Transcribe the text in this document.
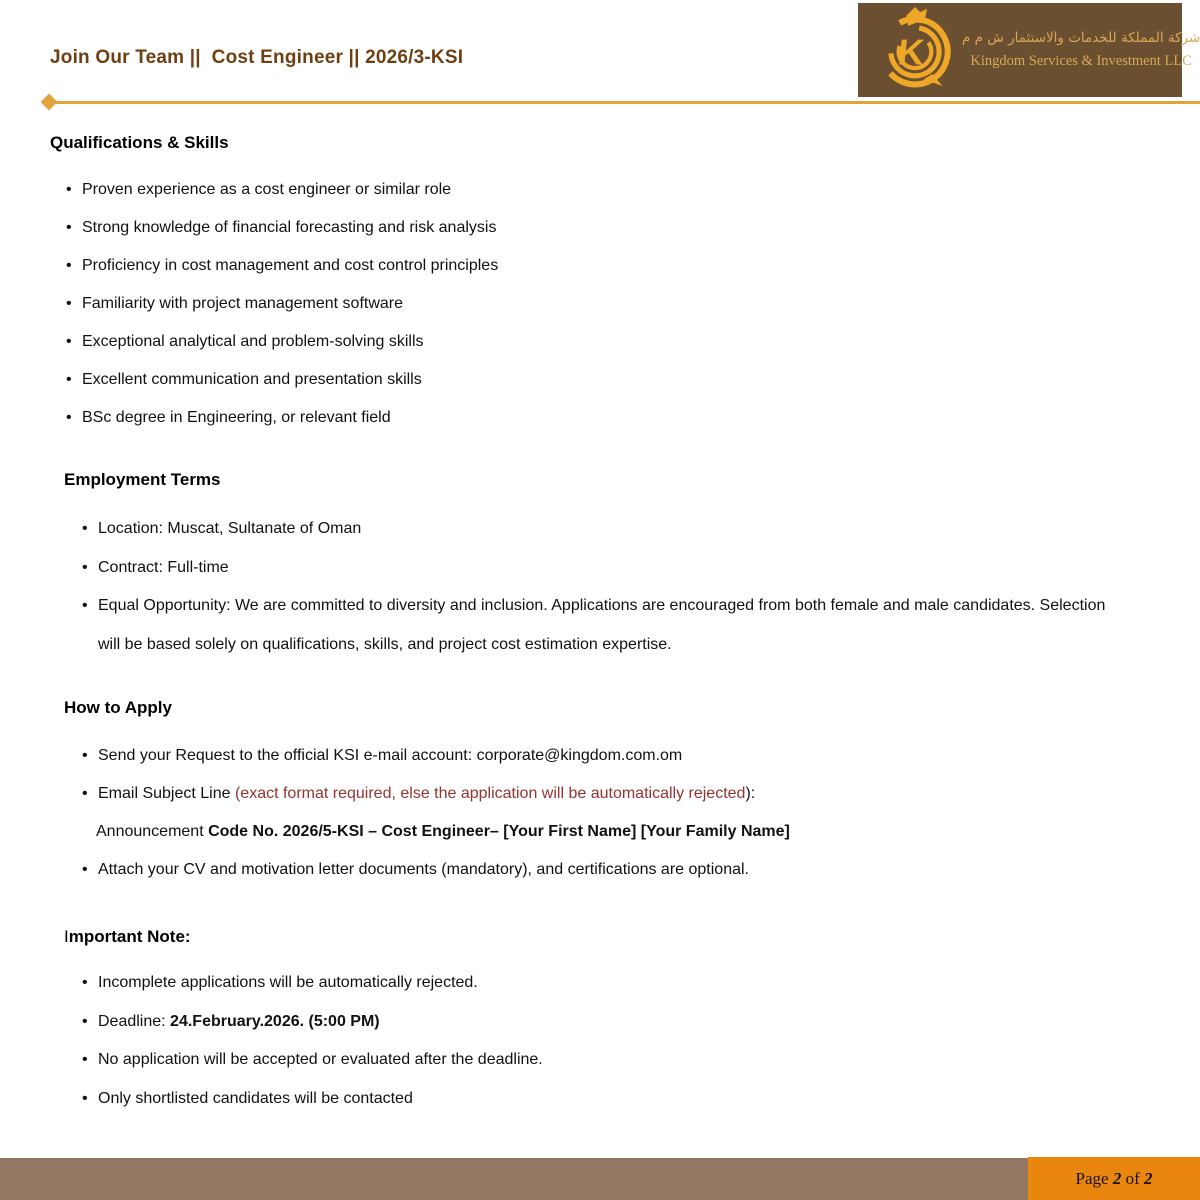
Join Our Team ||  Cost Engineer || 2026/3-KSI	K	شركة المملكة للخدمات والاستثمار ش م م
Kingdom Services & Investment LLC
Qualifications & Skills
• Proven experience as a cost engineer or similar role
• Strong knowledge of financial forecasting and risk analysis
• Proficiency in cost management and cost control principles
• Familiarity with project management software
• Exceptional analytical and problem-solving skills
• Excellent communication and presentation skills
• BSc degree in Engineering, or relevant field
Employment Terms
• Location: Muscat, Sultanate of Oman
• Contract: Full-time
• Equal Opportunity: We are committed to diversity and inclusion. Applications are encouraged from both female and male candidates. Selection will be based solely on qualifications, skills, and project cost estimation expertise.
How to Apply
• Send your Request to the official KSI e-mail account: corporate@kingdom.com.om
• Email Subject Line (exact format required, else the application will be automatically rejected):
Announcement Code No. 2026/5-KSI – Cost Engineer– [Your First Name] [Your Family Name]
• Attach your CV and motivation letter documents (mandatory), and certifications are optional.
Important Note:
• Incomplete applications will be automatically rejected.
• Deadline: 24.February.2026. (5:00 PM)
• No application will be accepted or evaluated after the deadline.
• Only shortlisted candidates will be contacted
Page 2 of 2
